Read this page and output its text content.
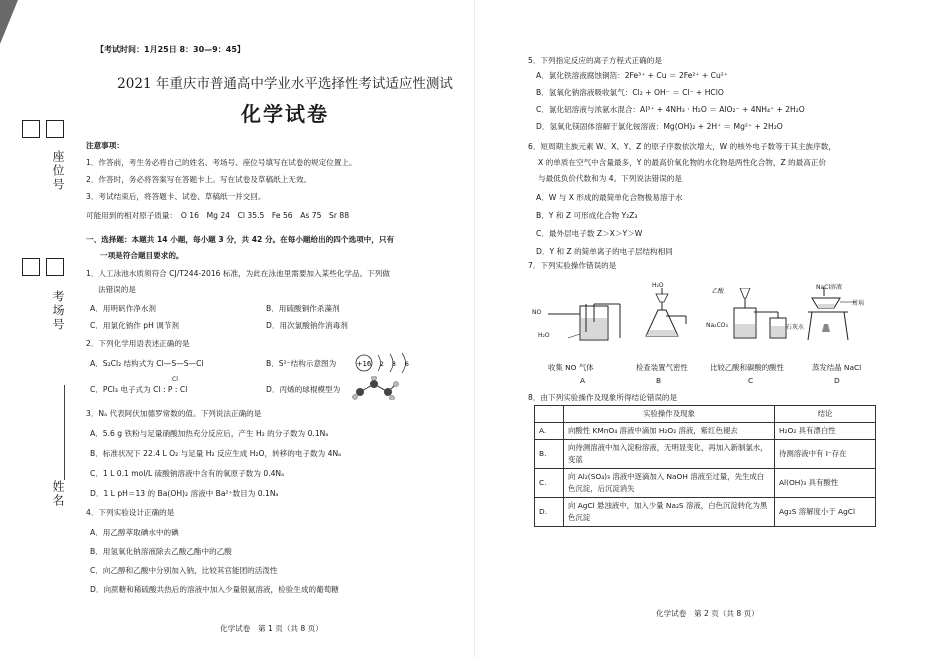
座位号
考场号
姓名
【考试时间：1月25日 8：30—9：45】
2021 年重庆市普通高中学业水平选择性考试适应性测试
化学试卷
注意事项：
1．作答前，考生务必将自己的姓名、考场号、座位号填写在试卷的规定位置上。
2．作答时，务必将答案写在答题卡上。写在试卷及草稿纸上无效。
3．考试结束后，将答题卡、试卷、草稿纸一并交回。
可能用到的相对原子质量：　O 16　Mg 24　Cl 35.5　Fe 56　As 75　Sr 88
一、选择题：本题共 14 小题，每小题 3 分，共 42 分。在每小题给出的四个选项中，只有
一项是符合题目要求的。
1．人工泳池水质须符合 CJ/T244-2016 标准，为此在泳池里需要加入某些化学品。下列做
法错误的是
A．用明矾作净水剂	B．用硫酸铜作杀藻剂
C．用氯化钠作 pH 调节剂	D．用次氯酸钠作消毒剂
2．下列化学用语表述正确的是
A．S₂Cl₂ 结构式为 Cl—S—S—Cl	B．S²⁻结构示意图为	+16 2 8 6
Cl
C．PCl₃ 电子式为 Cl : P : Cl	D．丙烯的球棍模型为
3．Nₐ 代表阿伏加德罗常数的值。下列说法正确的是
A．5.6 g 铁粉与足量硝酸加热充分反应后，产生 H₂ 的分子数为 0.1Nₐ
B．标准状况下 22.4 L O₂ 与足量 H₂ 反应生成 H₂O，转移的电子数为 4Nₐ
C．1 L 0.1 mol/L 硫酸钠溶液中含有的氧原子数为 0.4Nₐ
D．1 L pH＝13 的 Ba(OH)₂ 溶液中 Ba²⁺数目为 0.1Nₐ
4．下列实验设计正确的是
A．用乙醇萃取碘水中的碘
B．用氢氧化钠溶液除去乙酸乙酯中的乙酸
C．向乙醇和乙酸中分别加入钠，比较其官能团的活泼性
D．向蔗糖和稀硫酸共热后的溶液中加入少量银氨溶液，检验生成的葡萄糖
化学试卷　第 1 页（共 8 页）
5．下列指定反应的离子方程式正确的是
A．氯化铁溶液腐蚀铜箔：2Fe³⁺ + Cu ＝ 2Fe²⁺ + Cu²⁺
B．氢氧化钠溶液吸收氯气：Cl₂ + OH⁻ ＝ Cl⁻ + HClO
C．氯化铝溶液与浓氨水混合：Al³⁺ + 4NH₃ · H₂O ＝ AlO₂⁻ + 4NH₄⁺ + 2H₂O
D．氢氧化镁固体溶解于氯化铵溶液：Mg(OH)₂ + 2H⁺ ＝ Mg²⁺ + 2H₂O
6．短周期主族元素 W、X、Y、Z 的原子序数依次增大，W 的核外电子数等于其主族序数，
X 的单质在空气中含量最多，Y 的最高价氧化物的水化物是两性化合物，Z 的最高正价
与最低负价代数和为 4。下列说法错误的是
A．W 与 X 形成的最简单化合物极易溶于水
B．Y 和 Z 可形成化合物 Y₂Z₃
C．最外层电子数 Z＞X＞Y＞W
D．Y 和 Z 的简单离子的电子层结构相同
7．下列实验操作错误的是
NO
H₂O
H₂O
乙酸
Na₂CO₃	石灰水
NaCl溶液
坩埚
收集 NO 气体	检查装置气密性	比较乙酸和碳酸的酸性	蒸发结晶 NaCl
A	B	C	D
8．由下列实验操作及现象所得结论错误的是
	实验操作及现象	结论
A.	向酸性 KMnO₄ 溶液中滴加 H₂O₂ 溶液，紫红色褪去	H₂O₂ 具有漂白性
B.	向待测溶液中加入淀粉溶液，无明显变化，再加入新制氯水，变蓝	待测溶液中有 I⁻存在
C.	向 Al₂(SO₄)₃ 溶液中逐滴加入 NaOH 溶液至过量，先生成白色沉淀，后沉淀消失	Al(OH)₃ 具有酸性
D.	向 AgCl 悬浊液中，加入少量 Na₂S 溶液，白色沉淀转化为黑色沉淀	Ag₂S 溶解度小于 AgCl
化学试卷　第 2 页（共 8 页）
